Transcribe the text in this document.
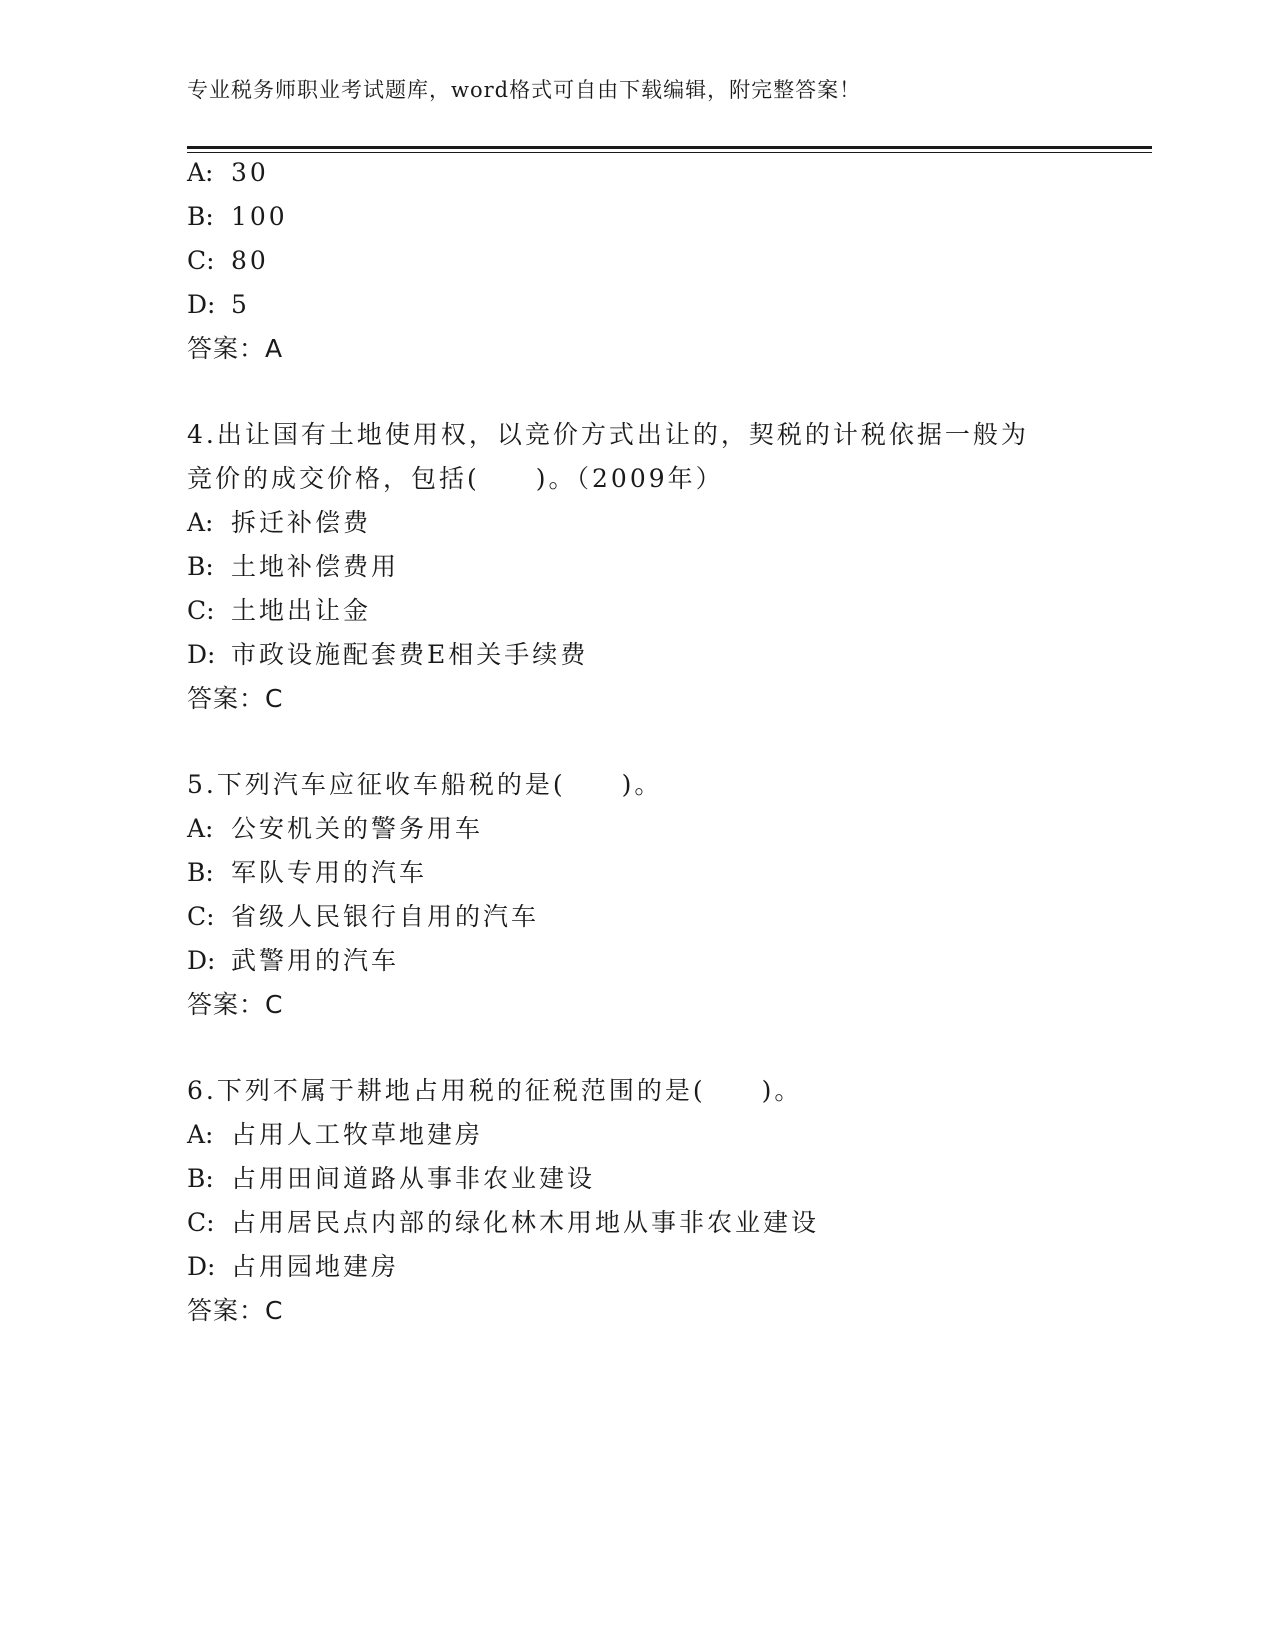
专业税务师职业考试题库，word格式可自由下载编辑，附完整答案！
A: 30
B: 100
C: 80
D: 5
答案：A
4.出让国有土地使用权，以竞价方式出让的，契税的计税依据一般为
竞价的成交价格，包括(　　)。（2009年）
A: 拆迁补偿费
B: 土地补偿费用
C: 土地出让金
D: 市政设施配套费E相关手续费
答案：C
5.下列汽车应征收车船税的是(　　)。
A: 公安机关的警务用车
B: 军队专用的汽车
C: 省级人民银行自用的汽车
D: 武警用的汽车
答案：C
6.下列不属于耕地占用税的征税范围的是(　　)。
A: 占用人工牧草地建房
B: 占用田间道路从事非农业建设
C: 占用居民点内部的绿化林木用地从事非农业建设
D: 占用园地建房
答案：C
